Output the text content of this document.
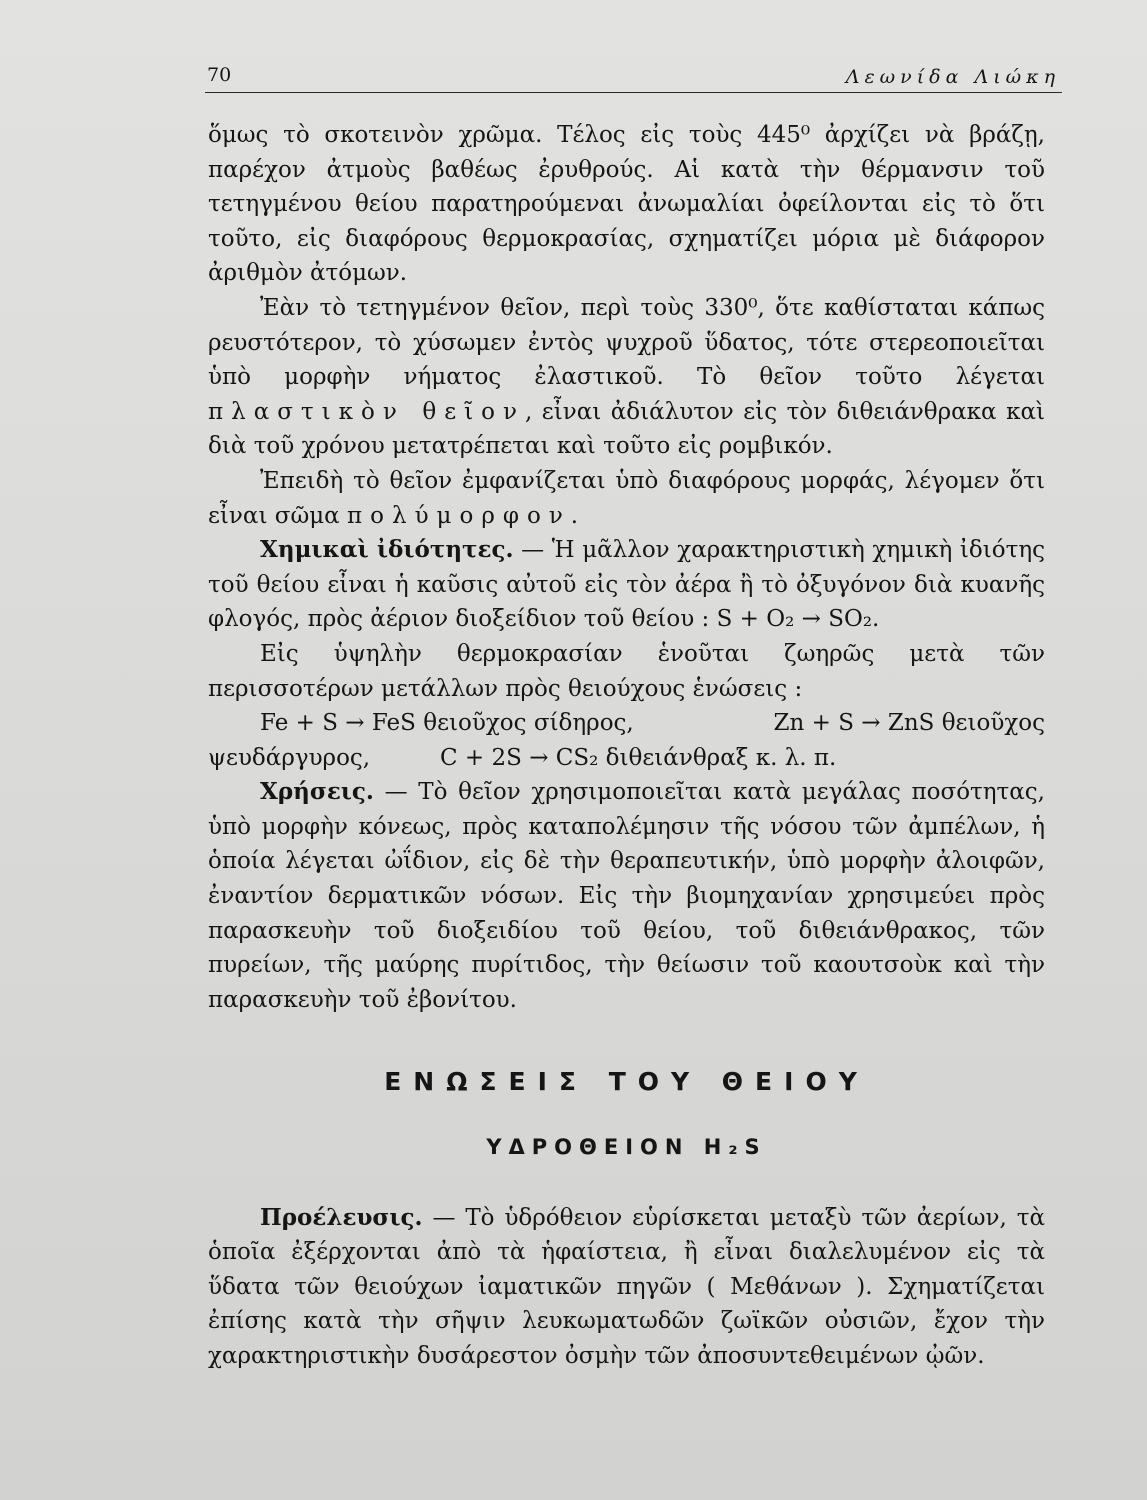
70	Λεωνίδα Λιώκη

ὅμως τὸ σκοτεινὸν χρῶμα. Τέλος εἰς τοὺς 445⁰ ἀρχίζει νὰ βράζῃ, παρέχον ἀτμοὺς βαθέως ἐρυθρούς. Αἱ κατὰ τὴν θέρμανσιν τοῦ τετηγμένου θείου παρατηρούμεναι ἀνωμαλίαι ὀφείλονται εἰς τὸ ὅτι τοῦτο, εἰς διαφόρους θερμοκρασίας, σχηματίζει μόρια μὲ διάφορον ἀριθμὸν ἀτόμων.

Ἐὰν τὸ τετηγμένον θεῖον, περὶ τοὺς 330⁰, ὅτε καθίσταται κάπως ρευστότερον, τὸ χύσωμεν ἐντὸς ψυχροῦ ὕδατος, τότε στερεοποιεῖται ὑπὸ μορφὴν νήματος ἐλαστικοῦ. Τὸ θεῖον τοῦτο λέγεται πλαστικὸν θεῖον, εἶναι ἀδιάλυτον εἰς τὸν διθειάνθρακα καὶ διὰ τοῦ χρόνου μετατρέπεται καὶ τοῦτο εἰς ρομβικόν.

Ἐπειδὴ τὸ θεῖον ἐμφανίζεται ὑπὸ διαφόρους μορφάς, λέγομεν ὅτι εἶναι σῶμα πολύμορφον.

Χημικαὶ ἰδιότητες. — Ἡ μᾶλλον χαρακτηριστικὴ χημικὴ ἰδιότης τοῦ θείου εἶναι ἡ καῦσις αὐτοῦ εἰς τὸν ἀέρα ἢ τὸ ὀξυγόνον διὰ κυανῆς φλογός, πρὸς ἀέριον διοξείδιον τοῦ θείου : S + O₂ → SO₂.

Εἰς ὑψηλὴν θερμοκρασίαν ἑνοῦται ζωηρῶς μετὰ τῶν περισσοτέρων μετάλλων πρὸς θειούχους ἑνώσεις :

Fe + S → FeS θειοῦχος σίδηρος,	Zn + S → ZnS θειοῦχος

ψευδάργυρος,	C + 2S → CS₂ διθειάνθραξ κ. λ. π.

Χρήσεις. — Τὸ θεῖον χρησιμοποιεῖται κατὰ μεγάλας ποσότητας, ὑπὸ μορφὴν κόνεως, πρὸς καταπολέμησιν τῆς νόσου τῶν ἀμπέλων, ἡ ὁποία λέγεται ὠΐδιον, εἰς δὲ τὴν θεραπευτικήν, ὑπὸ μορφὴν ἀλοιφῶν, ἐναντίον δερματικῶν νόσων. Εἰς τὴν βιομηχανίαν χρησιμεύει πρὸς παρασκευὴν τοῦ διοξειδίου τοῦ θείου, τοῦ διθειάνθρακος, τῶν πυρείων, τῆς μαύρης πυρίτιδος, τὴν θείωσιν τοῦ καουτσοὺκ καὶ τὴν παρασκευὴν τοῦ ἐβονίτου.

ΕΝΩΣΕΙΣ ΤΟΥ ΘΕΙΟΥ

ΥΔΡΟΘΕΙΟΝ H₂S

Προέλευσις. — Τὸ ὑδρόθειον εὑρίσκεται μεταξὺ τῶν ἀερίων, τὰ ὁποῖα ἐξέρχονται ἀπὸ τὰ ἡφαίστεια, ἢ εἶναι διαλελυμένον εἰς τὰ ὕδατα τῶν θειούχων ἰαματικῶν πηγῶν ( Μεθάνων ). Σχηματίζεται ἐπίσης κατὰ τὴν σῆψιν λευκωματωδῶν ζωϊκῶν οὐσιῶν, ἔχον τὴν χαρακτηριστικὴν δυσάρεστον ὀσμὴν τῶν ἀποσυντεθειμένων ᾠῶν.
